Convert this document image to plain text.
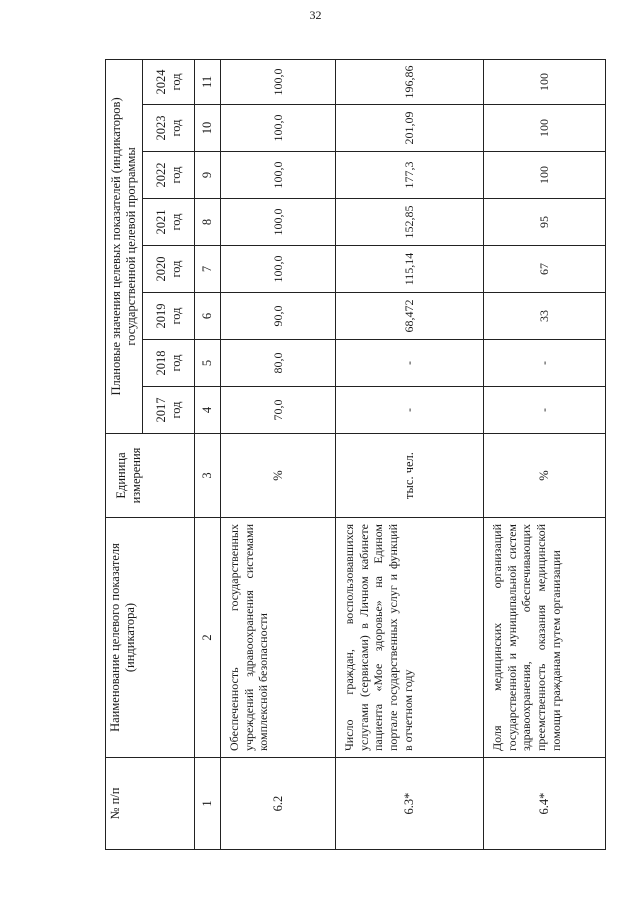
32
№ п/п	Наименование целевого показателя (индикатора)	Единица измерения	Плановые значения целевых показателей (индикаторов) государственной целевой программы							
			2017 год	2018 год	2019 год	2020 год	2021 год	2022 год	2023 год	2024 год
1	2	3	4	5	6	7	8	9	10	11
6.2	Обеспеченность государственных учреждений здравоохранения системами комплексной безопасности	%	70,0	80,0	90,0	100,0	100,0	100,0	100,0	100,0
6.3*	Число граждан, воспользовавшихся услугами (сервисами) в Личном кабинете пациента «Мое здоровье» на Едином портале государственных услуг и функций в отчетном году	тыс. чел.	-	-	68,472	115,14	152,85	177,3	201,09	196,86
6.4*	Доля медицинских организаций государственной и муниципальной систем здравоохранения, обеспечивающих преемственность оказания медицинской помощи гражданам путем организации	%	-	-	33	67	95	100	100	100
